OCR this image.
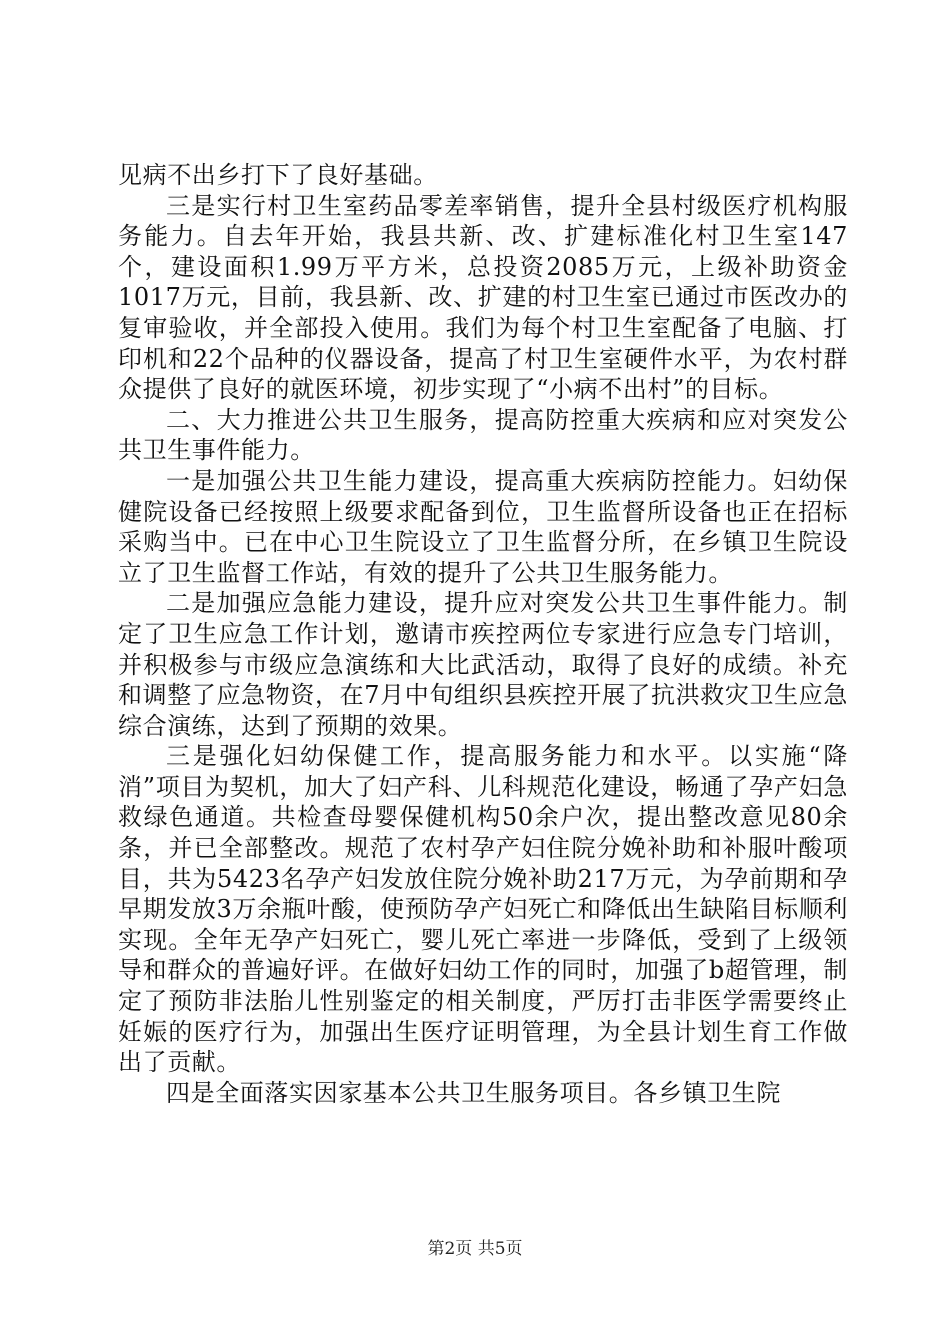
见病不出乡打下了良好基础。

三是实行村卫生室药品零差率销售，提升全县村级医疗机构服务能力。自去年开始，我县共新、改、扩建标准化村卫生室147个，建设面积1.99万平方米，总投资2085万元，上级补助资金1017万元，目前，我县新、改、扩建的村卫生室已通过市医改办的复审验收，并全部投入使用。我们为每个村卫生室配备了电脑、打印机和22个品种的仪器设备，提高了村卫生室硬件水平，为农村群众提供了良好的就医环境，初步实现了“小病不出村”的目标。

二、大力推进公共卫生服务，提高防控重大疾病和应对突发公共卫生事件能力。

一是加强公共卫生能力建设，提高重大疾病防控能力。妇幼保健院设备已经按照上级要求配备到位，卫生监督所设备也正在招标采购当中。已在中心卫生院设立了卫生监督分所，在乡镇卫生院设立了卫生监督工作站，有效的提升了公共卫生服务能力。

二是加强应急能力建设，提升应对突发公共卫生事件能力。制定了卫生应急工作计划，邀请市疾控两位专家进行应急专门培训，并积极参与市级应急演练和大比武活动，取得了良好的成绩。补充和调整了应急物资，在7月中旬组织县疾控开展了抗洪救灾卫生应急综合演练，达到了预期的效果。

三是强化妇幼保健工作，提高服务能力和水平。以实施“降消”项目为契机，加大了妇产科、儿科规范化建设，畅通了孕产妇急救绿色通道。共检查母婴保健机构50余户次，提出整改意见80余条，并已全部整改。规范了农村孕产妇住院分娩补助和补服叶酸项目，共为5423名孕产妇发放住院分娩补助217万元，为孕前期和孕早期发放3万余瓶叶酸，使预防孕产妇死亡和降低出生缺陷目标顺利实现。全年无孕产妇死亡，婴儿死亡率进一步降低，受到了上级领导和群众的普遍好评。在做好妇幼工作的同时，加强了b超管理，制定了预防非法胎儿性别鉴定的相关制度，严厉打击非医学需要终止妊娠的医疗行为，加强出生医疗证明管理，为全县计划生育工作做出了贡献。

四是全面落实因家基本公共卫生服务项目。各乡镇卫生院

第2页 共5页
